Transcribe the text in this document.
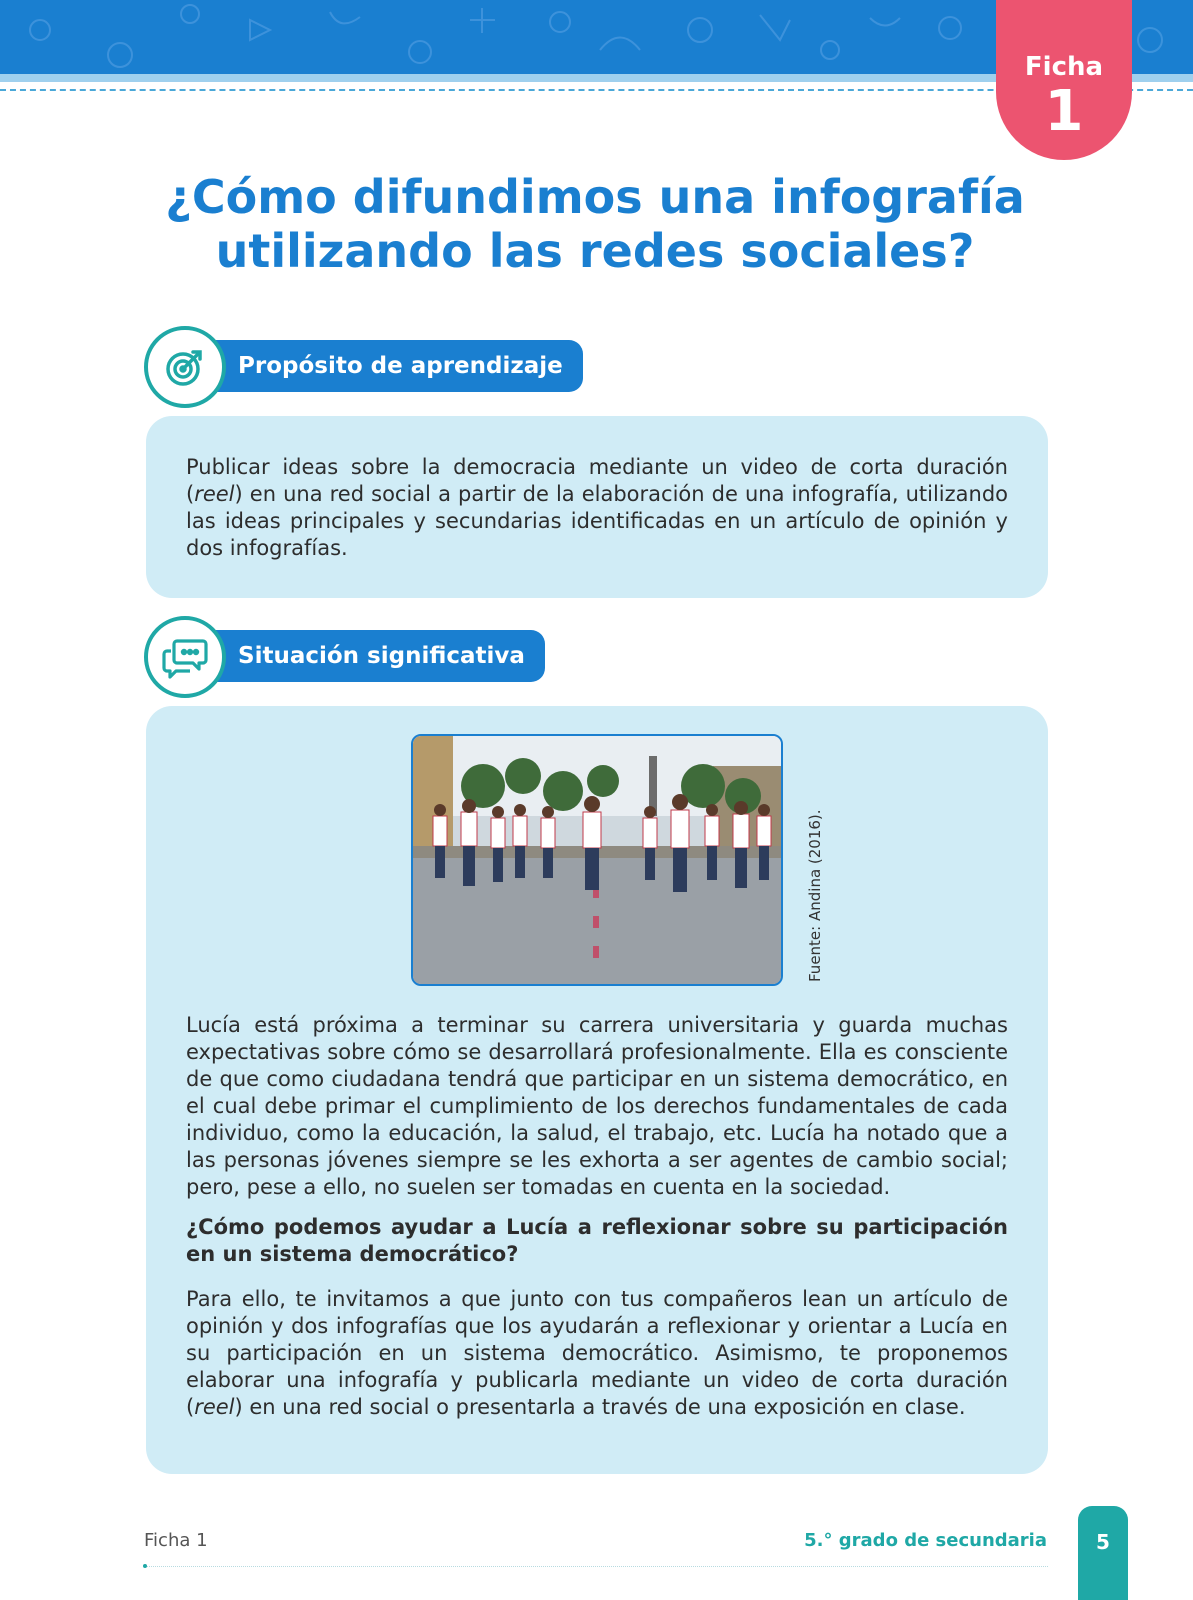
Ficha
1
¿Cómo difundimos una infografía
utilizando las redes sociales?
Propósito de aprendizaje

Publicar ideas sobre la democracia mediante un video de corta duración (reel) en una red social a partir de la elaboración de una infografía, utilizando las ideas principales y secundarias identificadas en un artículo de opinión y dos infografías.

Situación significativa

Lucía está próxima a terminar su carrera universitaria y guarda muchas expectativas sobre cómo se desarrollará profesionalmente. Ella es consciente de que como ciudadana tendrá que participar en un sistema democrático, en el cual debe primar el cumplimiento de los derechos fundamentales de cada individuo, como la educación, la salud, el trabajo, etc. Lucía ha notado que a las personas jóvenes siempre se les exhorta a ser agentes de cambio social; pero, pese a ello, no suelen ser tomadas en cuenta en la sociedad.

¿Cómo podemos ayudar a Lucía a reflexionar sobre su participación en un sistema democrático?

Para ello, te invitamos a que junto con tus compañeros lean un artículo de opinión y dos infografías que los ayudarán a reflexionar y orientar a Lucía en su participación en un sistema democrático. Asimismo, te proponemos elaborar una infografía y publicarla mediante un video de corta duración (reel) en una red social o presentarla a través de una exposición en clase.

Fuente: Andina (2016).
Ficha 1	5.° grado de secundaria	5
